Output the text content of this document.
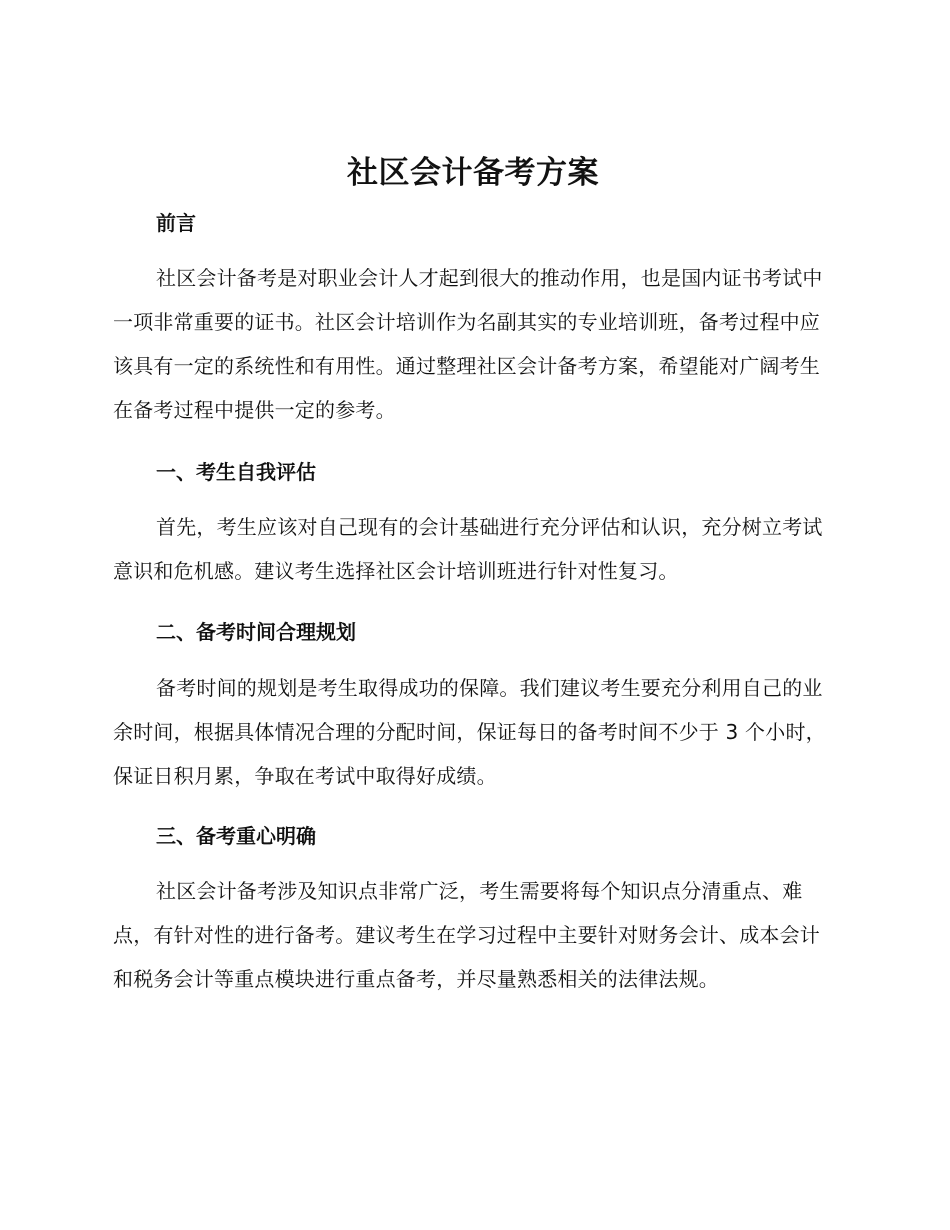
社区会计备考方案
前言

社区会计备考是对职业会计人才起到很大的推动作用，也是国内证书考试中一项非常重要的证书。社区会计培训作为名副其实的专业培训班，备考过程中应该具有一定的系统性和有用性。通过整理社区会计备考方案，希望能对广阔考生在备考过程中提供一定的参考。

一、考生自我评估

首先，考生应该对自己现有的会计基础进行充分评估和认识，充分树立考试意识和危机感。建议考生选择社区会计培训班进行针对性复习。

二、备考时间合理规划

备考时间的规划是考生取得成功的保障。我们建议考生要充分利用自己的业余时间，根据具体情况合理的分配时间，保证每日的备考时间不少于 3 个小时，保证日积月累，争取在考试中取得好成绩。

三、备考重心明确

社区会计备考涉及知识点非常广泛，考生需要将每个知识点分清重点、难点，有针对性的进行备考。建议考生在学习过程中主要针对财务会计、成本会计和税务会计等重点模块进行重点备考，并尽量熟悉相关的法律法规。
